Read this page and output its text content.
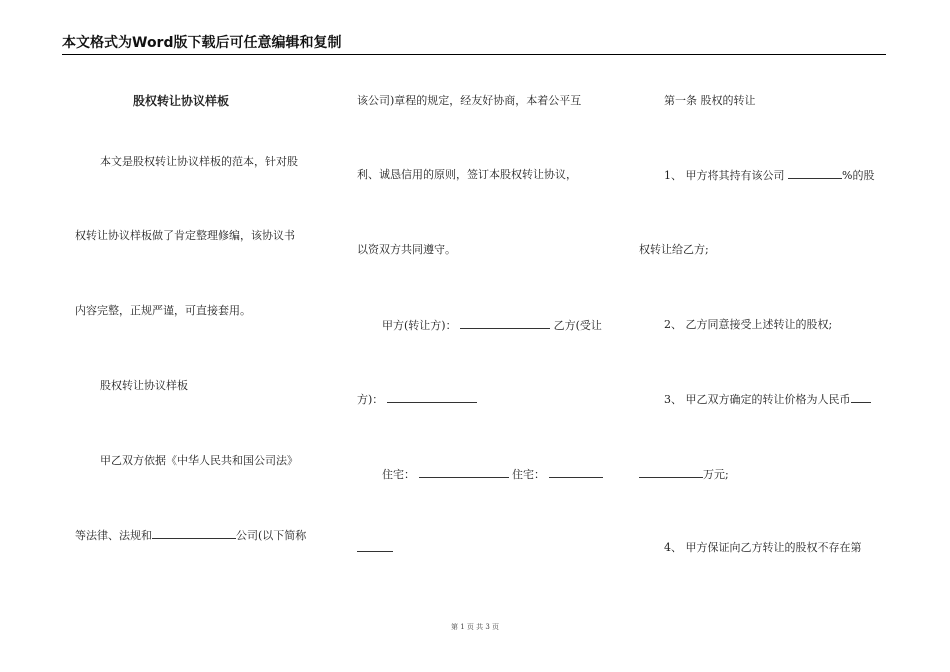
本文格式为Word版下载后可任意编辑和复制
股权转让协议样板
本文是股权转让协议样板的范本，针对股
权转让协议样板做了肯定整理修编，该协议书
内容完整，正规严谨，可直接套用。
股权转让协议样板
甲乙双方依据《中华人民共和国公司法》
等法律、法规和	公司(以下简称
该公司)章程的规定，经友好协商，本着公平互
利、诚恳信用的原则，签订本股权转让协议，
以资双方共同遵守。
甲方(转让方)：	乙方(受让
方)：
住宅：	住宅：
第一条 股权的转让
1、 甲方将其持有该公司	%的股
权转让给乙方;
2、 乙方同意接受上述转让的股权;
3、 甲乙双方确定的转让价格为人民币
万元;
4、 甲方保证向乙方转让的股权不存在第
第 1 页 共 3 页
